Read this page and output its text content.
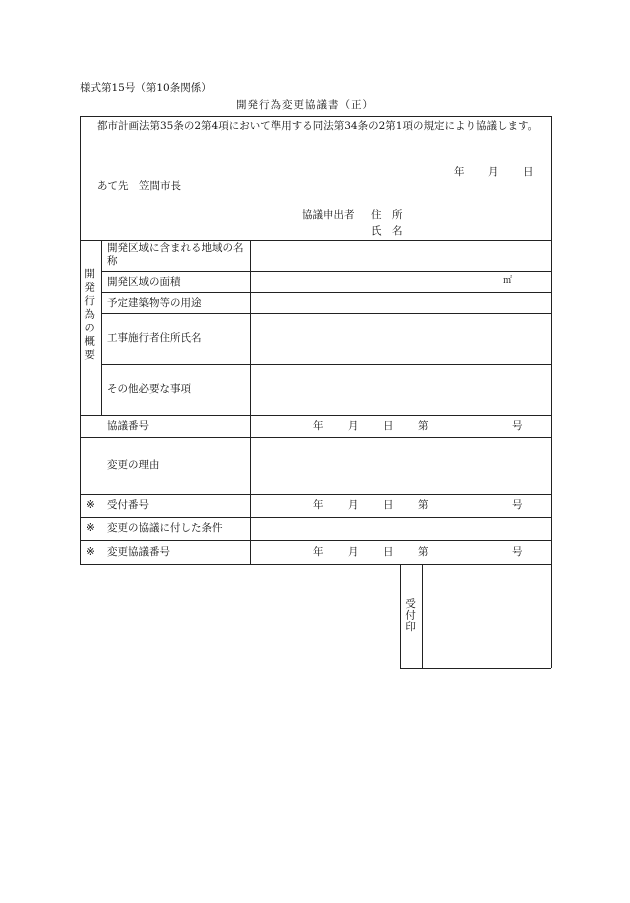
様式第15号（第10条関係）
開発行為変更協議書（正）
都市計画法第35条の2第4項において準用する同法第34条の2第1項の規定により協議します。
年 月 日
あて先　笠間市長
協議申出者 住　所
氏　名
開発行為の概要
開発区域に含まれる地域の名称
開発区域の面積	㎡
予定建築物等の用途
工事施行者住所氏名
その他必要な事項
協議番号	年 月 日 第	号
変更の理由
※ 受付番号	年 月 日 第	号
※ 変更の協議に付した条件
※ 変更協議番号	年 月 日 第	号
受付印
